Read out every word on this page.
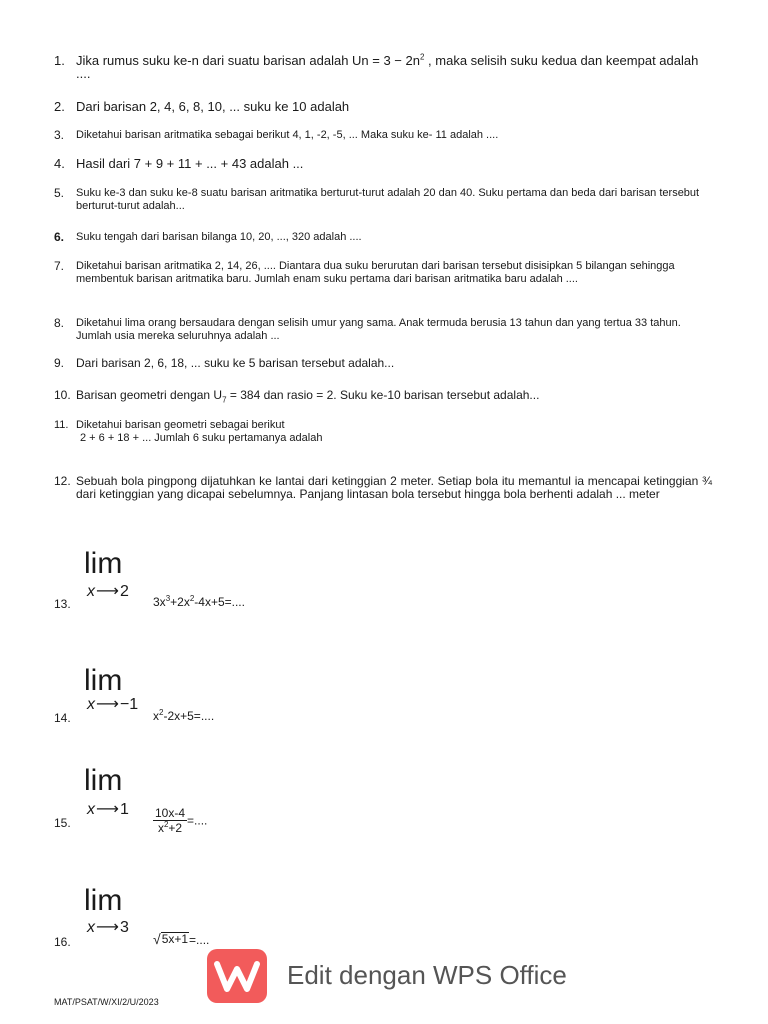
1. Jika rumus suku ke-n dari suatu barisan adalah $Un = 3 - 2n^2$ , maka selisih suku kedua dan keempat adalah ....
2. Dari barisan 2, 4, 6, 8, 10, ... suku ke 10 adalah
3. Diketahui barisan aritmatika sebagai berikut 4, 1, -2, -5, ... Maka suku ke- 11 adalah ....
4. Hasil dari 7 + 9 + 11 + ... + 43 adalah ...
5. Suku ke-3 dan suku ke-8 suatu barisan aritmatika berturut-turut adalah 20 dan 40. Suku pertama dan beda dari barisan tersebut berturut-turut adalah...
6. Suku tengah dari barisan bilanga 10, 20, ..., 320 adalah ....
7. Diketahui barisan aritmatika 2, 14, 26, .... Diantara dua suku berurutan dari barisan tersebut disisipkan 5 bilangan sehingga membentuk barisan aritmatika baru. Jumlah enam suku pertama dari barisan aritmatika baru adalah ....
8. Diketahui lima orang bersaudara dengan selisih umur yang sama. Anak termuda berusia 13 tahun dan yang tertua 33 tahun. Jumlah usia mereka seluruhnya adalah ...
9. Dari barisan 2, 6, 18, ... suku ke 5 barisan tersebut adalah...
10. Barisan geometri dengan $U_7 = 384$ dan rasio = 2. Suku ke-10 barisan tersebut adalah...
11. Diketahui barisan geometri sebagai berikut
2 + 6 + 18 + ... Jumlah 6 suku pertamanya adalah
12. Sebuah bola pingpong dijatuhkan ke lantai dari ketinggian 2 meter. Setiap bola itu memantul ia mencapai ketinggian ¾ dari ketinggian yang dicapai sebelumnya. Panjang lintasan bola tersebut hingga bola berhenti adalah ... meter
lim
x⟶2
13.	$3x^3+2x^2-4x+5=$....
lim
x⟶−1
14.	$x^2-2x+5=$....
lim
x⟶1
15.	$\frac{10x-4}{x^2+2}$ =....
lim
x⟶3
16.	√ 5x+1 =....
Edit dengan WPS Office
MAT/PSAT/W/XI/2/U/2023
